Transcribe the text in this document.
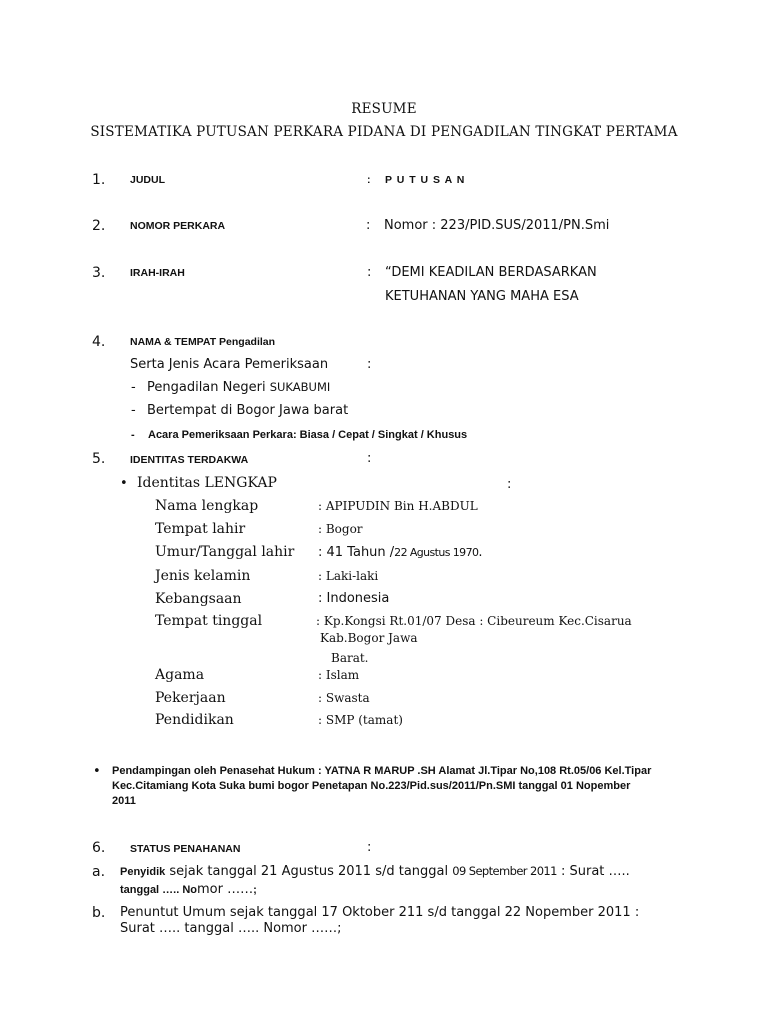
RESUME
SISTEMATIKA PUTUSAN PERKARA PIDANA DI PENGADILAN TINGKAT PERTAMA
1. JUDUL	: P U T U S A N
2. NOMOR PERKARA	: Nomor : 223/PID.SUS/2011/PN.Smi
3. IRAH-IRAH	: “DEMI KEADILAN BERDASARKAN
KETUHANAN YANG MAHA ESA
4. NAMA & TEMPAT Pengadilan
Serta Jenis Acara Pemeriksaan	:
- Pengadilan Negeri SUKABUMI
- Bertempat di Bogor Jawa barat
- Acara Pemeriksaan Perkara: Biasa / Cepat / Singkat / Khusus
5. IDENTITAS TERDAKWA	:
• Identitas LENGKAP	:
Nama lengkap	: APIPUDIN Bin H.ABDUL
Tempat lahir	: Bogor
Umur/Tanggal lahir : 41 Tahun /22 Agustus 1970.
Jenis kelamin	: Laki-laki
Kebangsaan	: Indonesia
Tempat tinggal	: Kp.Kongsi Rt.01/07 Desa : Cibeureum Kec.Cisarua
Kab.Bogor Jawa
Barat.
Agama	: Islam
Pekerjaan	: Swasta
Pendidikan	: SMP (tamat)
• Pendampingan oleh Penasehat Hukum : YATNA R MARUP .SH Alamat Jl.Tipar No,108 Rt.05/06 Kel.Tipar
Kec.Citamiang Kota Suka bumi bogor Penetapan No.223/Pid.sus/2011/Pn.SMI tanggal 01 Nopember
2011
6. STATUS PENAHANAN	:
a. Penyidik sejak tanggal 21 Agustus 2011 s/d tanggal 09 September 2011 : Surat …..
tanggal ….. Nomor ……;
b. Penuntut Umum sejak tanggal 17 Oktober 211 s/d tanggal 22 Nopember 2011 :
Surat ….. tanggal ….. Nomor ……;
